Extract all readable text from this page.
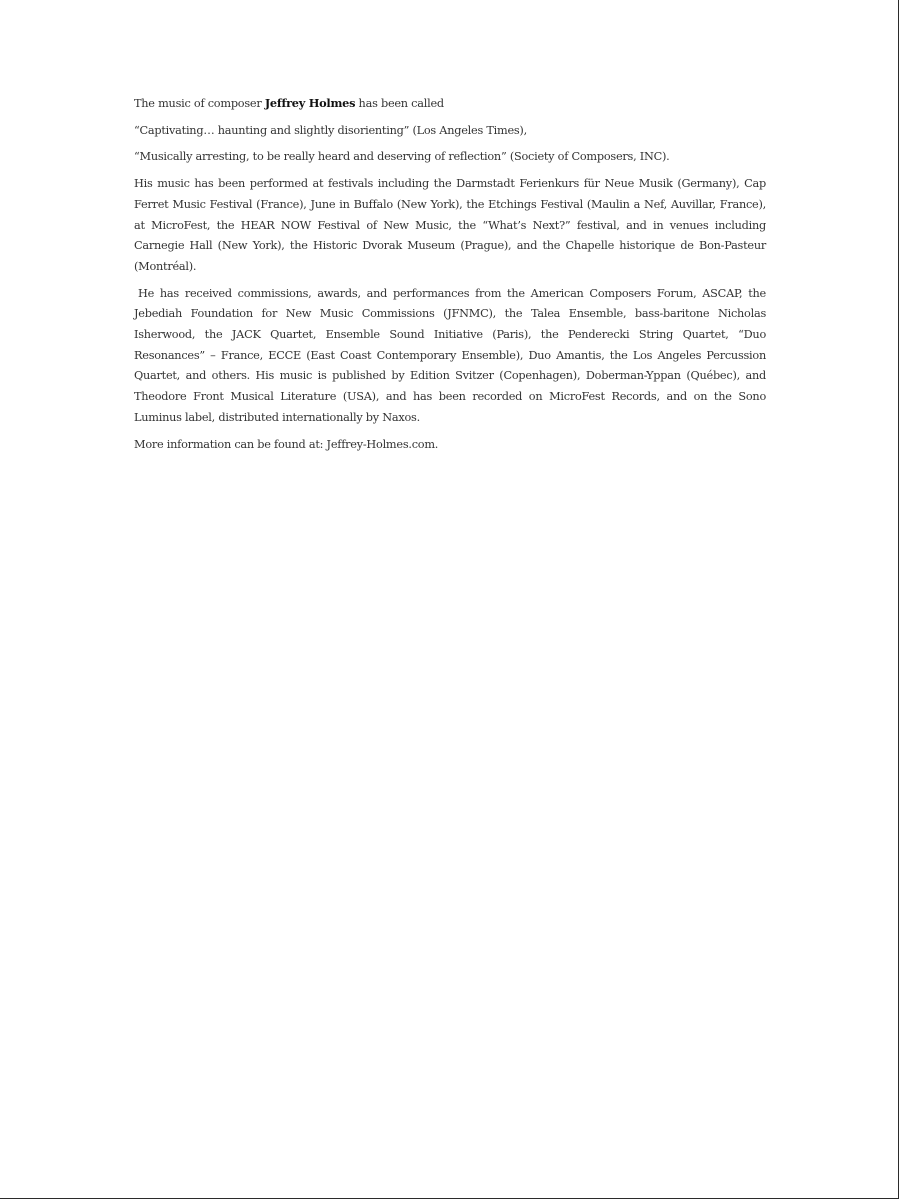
The music of composer Jeffrey Holmes has been called

“Captivating… haunting and slightly disorienting” (Los Angeles Times),

“Musically arresting, to be really heard and deserving of reflection” (Society of Composers, INC).

His music has been performed at festivals including the Darmstadt Ferienkurs für Neue Musik (Germany), Cap Ferret Music Festival (France), June in Buffalo (New York), the Etchings Festival (Maulin a Nef, Auvillar, France), at MicroFest, the HEAR NOW Festival of New Music, the “What’s Next?” festival, and in venues including Carnegie Hall (New York), the Historic Dvorak Museum (Prague), and the Chapelle historique de Bon-Pasteur (Montréal).

He has received commissions, awards, and performances from the American Composers Forum, ASCAP, the Jebediah Foundation for New Music Commissions (JFNMC), the Talea Ensemble, bass-baritone Nicholas Isherwood, the JACK Quartet, Ensemble Sound Initiative (Paris), the Penderecki String Quartet, “Duo Resonances” – France, ECCE (East Coast Contemporary Ensemble), Duo Amantis, the Los Angeles Percussion Quartet, and others. His music is published by Edition Svitzer (Copenhagen), Doberman-Yppan (Québec), and Theodore Front Musical Literature (USA), and has been recorded on MicroFest Records, and on the Sono Luminus label, distributed internationally by Naxos.

More information can be found at: Jeffrey-Holmes.com.
